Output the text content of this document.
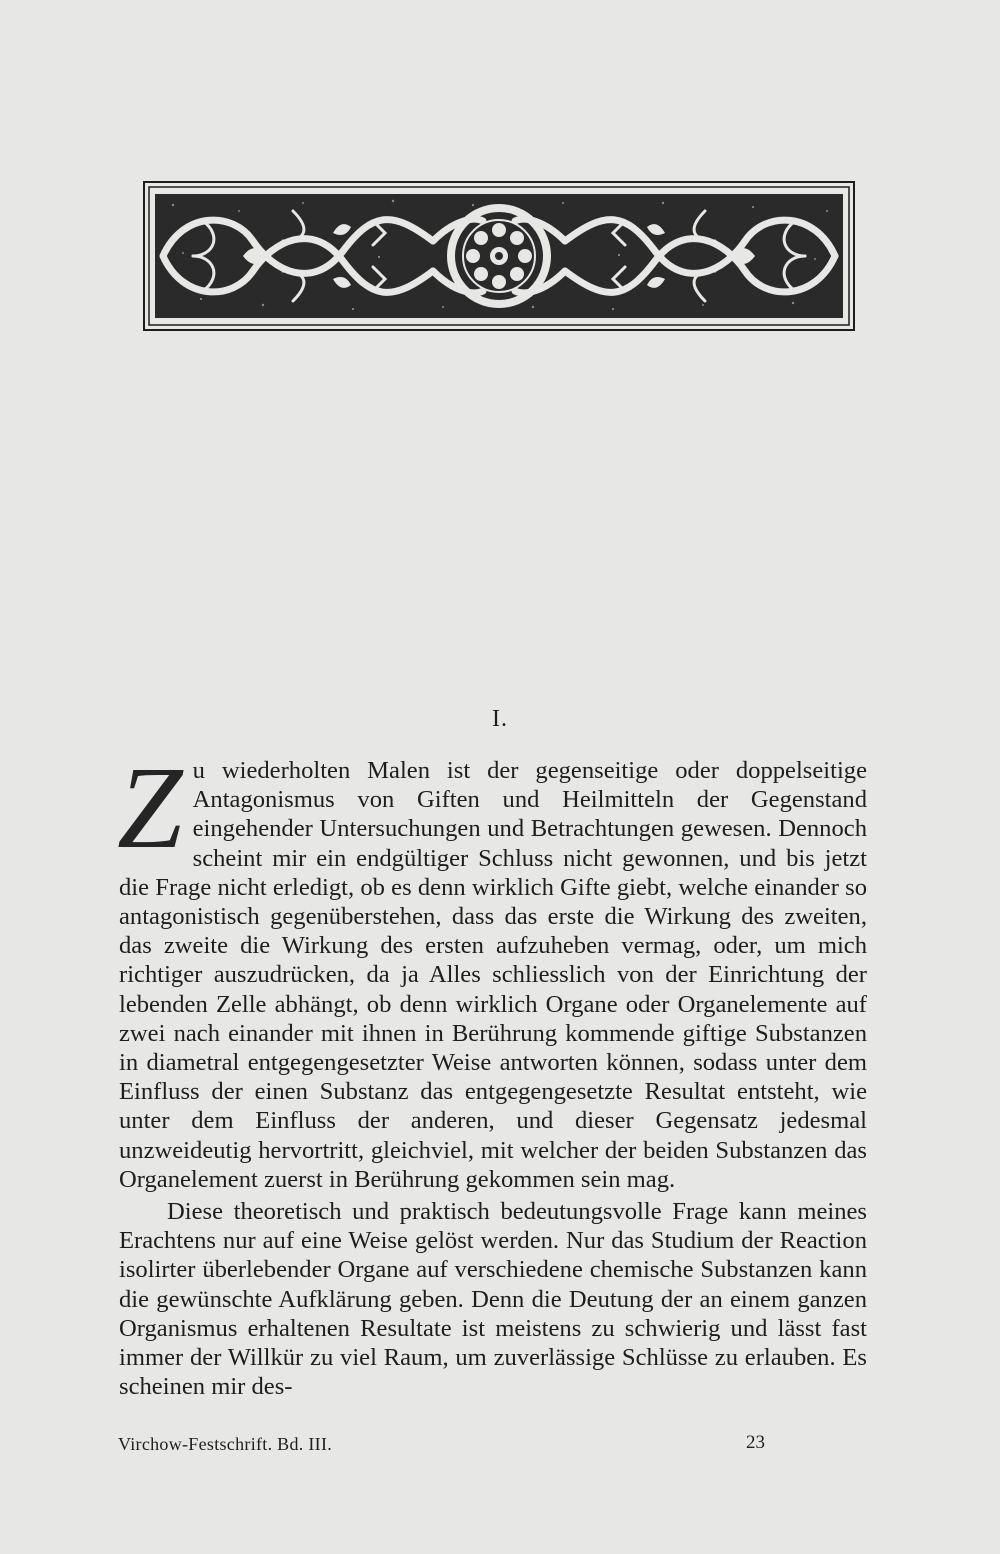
I.

Zu wiederholten Malen ist der gegenseitige oder doppelseitige Antagonismus von Giften und Heilmitteln der Gegenstand eingehender Untersuchungen und Betrachtungen gewesen. Dennoch scheint mir ein endgültiger Schluss nicht gewonnen, und bis jetzt die Frage nicht erledigt, ob es denn wirklich Gifte giebt, welche einander so antagonistisch gegenüberstehen, dass das erste die Wirkung des zweiten, das zweite die Wirkung des ersten aufzuheben vermag, oder, um mich richtiger auszudrücken, da ja Alles schliesslich von der Einrichtung der lebenden Zelle abhängt, ob denn wirklich Organe oder Organelemente auf zwei nach einander mit ihnen in Berührung kommende giftige Substanzen in diametral entgegengesetzter Weise antworten können, sodass unter dem Einfluss der einen Substanz das entgegengesetzte Resultat entsteht, wie unter dem Einfluss der anderen, und dieser Gegensatz jedesmal unzweideutig hervortritt, gleichviel, mit welcher der beiden Substanzen das Organelement zuerst in Berührung gekommen sein mag.

Diese theoretisch und praktisch bedeutungsvolle Frage kann meines Erachtens nur auf eine Weise gelöst werden. Nur das Studium der Reaction isolirter überlebender Organe auf verschiedene chemische Substanzen kann die gewünschte Aufklärung geben. Denn die Deutung der an einem ganzen Organismus erhaltenen Resultate ist meistens zu schwierig und lässt fast immer der Willkür zu viel Raum, um zuverlässige Schlüsse zu erlauben. Es scheinen mir des-

Virchow-Festschrift. Bd. III.	23
